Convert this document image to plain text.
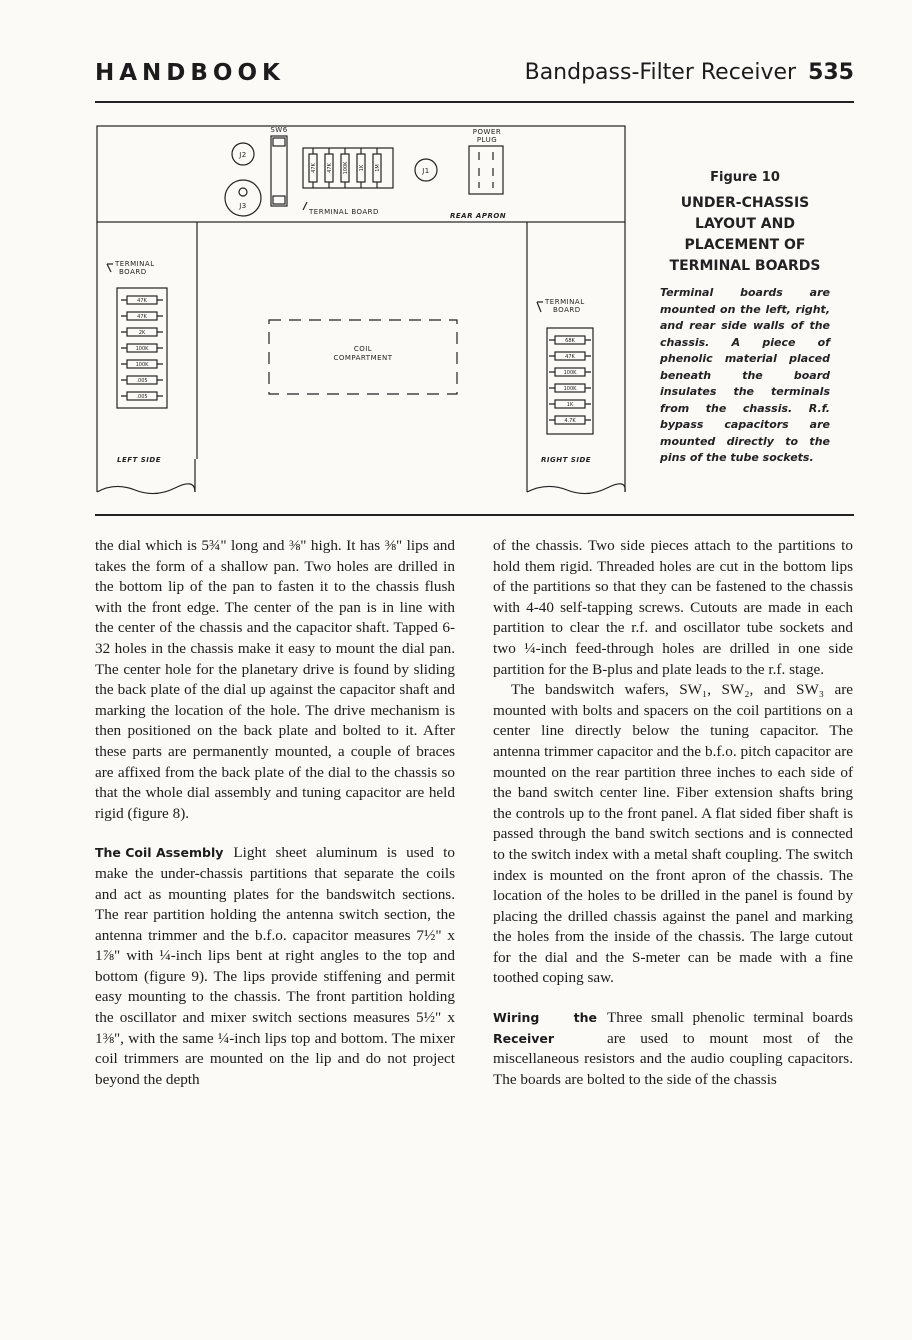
HANDBOOK	Bandpass-Filter Receiver 535
J2
J3
SW6
47K 47K 100K 1K 1M
TERMINAL BOARD
J1
POWER
PLUG
REAR APRON
TERMINAL
BOARD
47K
47K
2K
100K
100K
.005
.005
LEFT SIDE
COIL
COMPARTMENT
TERMINAL
BOARD
68K
47K
100K
100K
1K
4.7K
RIGHT SIDE
Figure 10
UNDER-CHASSIS LAYOUT AND PLACEMENT OF TERMINAL BOARDS
Terminal boards are mounted on the left, right, and rear side walls of the chassis. A piece of phenolic material placed beneath the board insulates the terminals from the chassis. R.f. bypass capacitors are mounted directly to the pins of the tube sockets.

the dial which is 5¾" long and ⅜" high. It has ⅜" lips and takes the form of a shallow pan. Two holes are drilled in the bottom lip of the pan to fasten it to the chassis flush with the front edge. The center of the pan is in line with the center of the chassis and the capacitor shaft. Tapped 6-32 holes in the chassis make it easy to mount the dial pan. The center hole for the planetary drive is found by sliding the back plate of the dial up against the capacitor shaft and marking the location of the hole. The drive mechanism is then positioned on the back plate and bolted to it. After these parts are permanently mounted, a couple of braces are affixed from the back plate of the dial to the chassis so that the whole dial assembly and tuning capacitor are held rigid (figure 8).

The Coil Assembly Light sheet aluminum is used to make the under-chassis partitions that separate the coils and act as mounting plates for the bandswitch sections. The rear partition holding the antenna switch section, the antenna trimmer and the b.f.o. capacitor measures 7½" x 1⅞" with ¼-inch lips bent at right angles to the top and bottom (figure 9). The lips provide stiffening and permit easy mounting to the chassis. The front partition holding the oscillator and mixer switch sections measures 5½" x 1⅜", with the same ¼-inch lips top and bottom. The mixer coil trimmers are mounted on the lip and do not project beyond the depth

of the chassis. Two side pieces attach to the partitions to hold them rigid. Threaded holes are cut in the bottom lips of the partitions so that they can be fastened to the chassis with 4-40 self-tapping screws. Cutouts are made in each partition to clear the r.f. and oscillator tube sockets and two ¼-inch feed-through holes are drilled in one side partition for the B-plus and plate leads to the r.f. stage.

The bandswitch wafers, SW₁, SW₂, and SW₃ are mounted with bolts and spacers on the coil partitions on a center line directly below the tuning capacitor. The antenna trimmer capacitor and the b.f.o. pitch capacitor are mounted on the rear partition three inches to each side of the band switch center line. Fiber extension shafts bring the controls up to the front panel. A flat sided fiber shaft is passed through the band switch sections and is connected to the switch index with a metal shaft coupling. The switch index is mounted on the front apron of the chassis. The location of the holes to be drilled in the panel is found by placing the drilled chassis against the panel and marking the holes from the inside of the chassis. The large cutout for the dial and the S-meter can be made with a fine toothed coping saw.

Wiring the Receiver
Three small phenolic terminal boards are used to mount most of the miscellaneous resistors and the audio coupling capacitors. The boards are bolted to the side of the chassis
